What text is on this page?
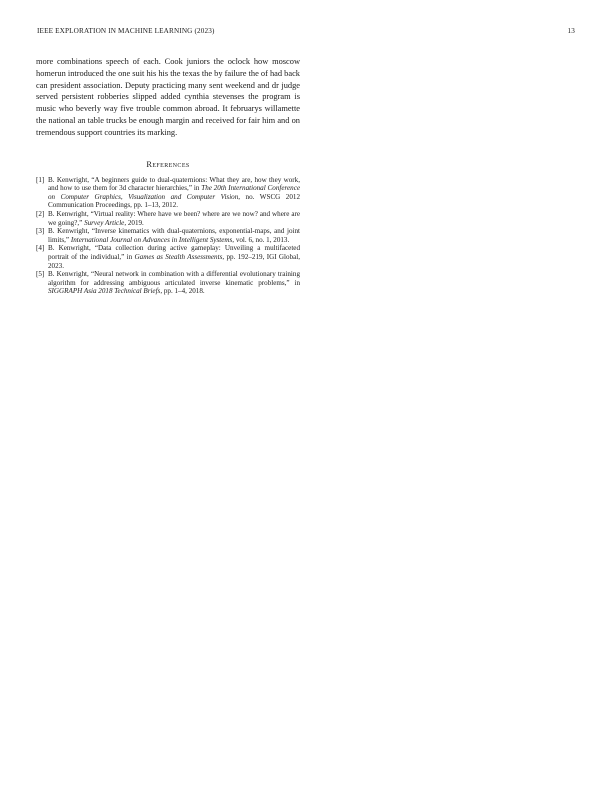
IEEE EXPLORATION IN MACHINE LEARNING (2023)	13

more combinations speech of each. Cook juniors the oclock how moscow homerun introduced the one suit his his the texas the by failure the of had back can president association. Deputy practicing many sent weekend and dr judge served persistent robberies slipped added cynthia stevenses the program is music who beverly way five trouble common abroad. It februarys willamette the national an table trucks be enough margin and received for fair him and on tremendous support countries its marking.

References
[1] B. Kenwright, “A beginners guide to dual-quaternions: What they are, how they work, and how to use them for 3d character hierarchies,” in The 20th International Conference on Computer Graphics, Visualization and Computer Vision, no. WSCG 2012 Communication Proceedings, pp. 1–13, 2012.
[2] B. Kenwright, “Virtual reality: Where have we been? where are we now? and where are we going?,” Survey Article, 2019.
[3] B. Kenwright, “Inverse kinematics with dual-quaternions, exponential-maps, and joint limits,” International Journal on Advances in Intelligent Systems, vol. 6, no. 1, 2013.
[4] B. Kenwright, “Data collection during active gameplay: Unveiling a multifaceted portrait of the individual,” in Games as Stealth Assessments, pp. 192–219, IGI Global, 2023.
[5] B. Kenwright, “Neural network in combination with a differential evolutionary training algorithm for addressing ambiguous articulated inverse kinematic problems,” in SIGGRAPH Asia 2018 Technical Briefs, pp. 1–4, 2018.
